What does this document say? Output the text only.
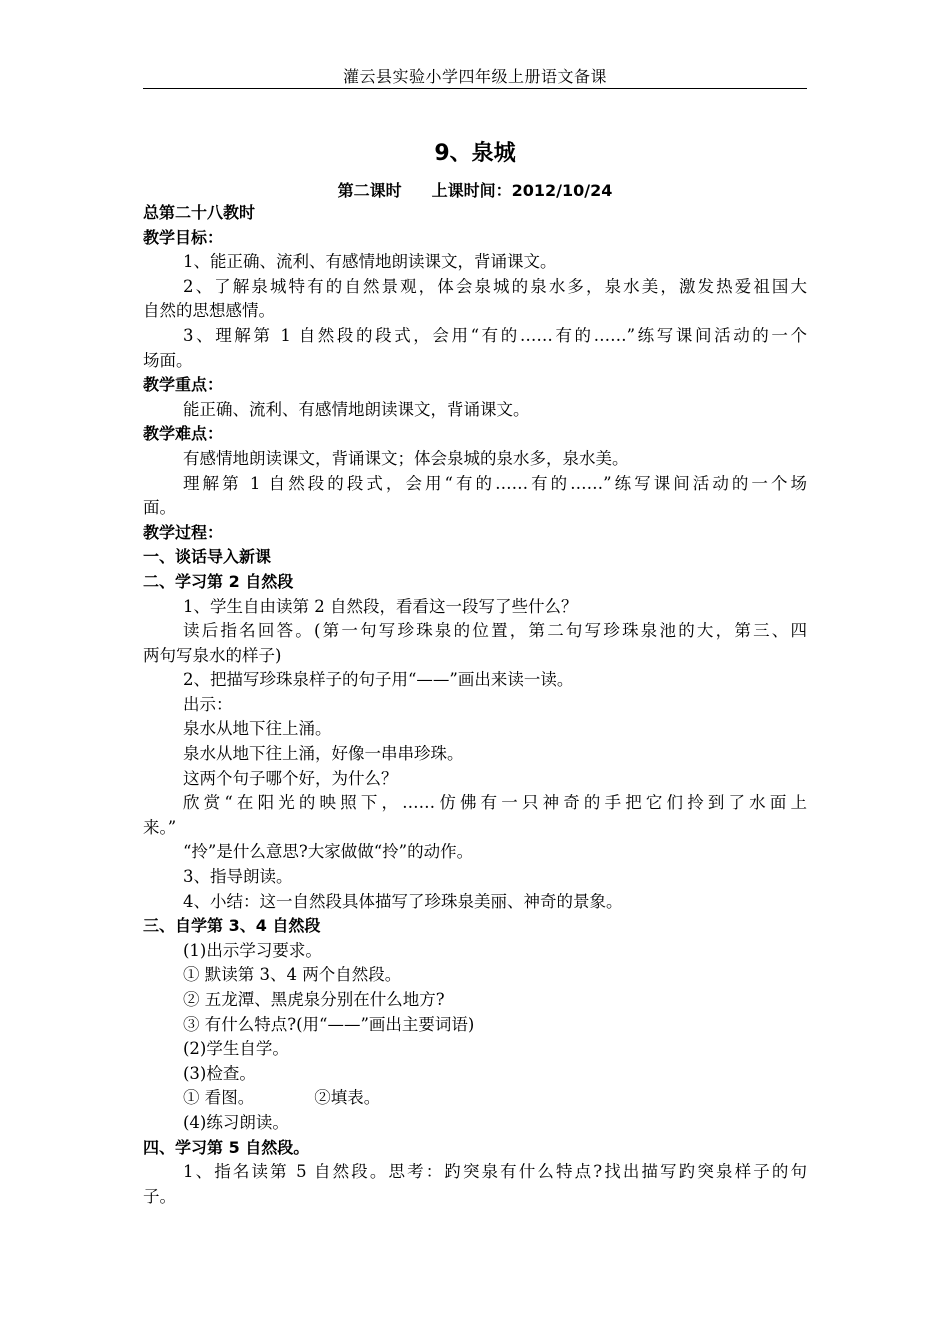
灌云县实验小学四年级上册语文备课
9、泉城
第二课时 上课时间：2012/10/24
总第二十八教时
教学目标：
1、能正确、流利、有感情地朗读课文，背诵课文。
2、了解泉城特有的自然景观，体会泉城的泉水多，泉水美，激发热爱祖国大
自然的思想感情。
3、理解第 1 自然段的段式，会用“有的……有的……”练写课间活动的一个
场面。
教学重点：
能正确、流利、有感情地朗读课文，背诵课文。
教学难点：
有感情地朗读课文，背诵课文；体会泉城的泉水多，泉水美。
理解第 1 自然段的段式，会用“有的……有的……”练写课间活动的一个场
面。
教学过程：
一、谈话导入新课
二、学习第 2 自然段
1、学生自由读第 2 自然段，看看这一段写了些什么？
读后指名回答。(第一句写珍珠泉的位置，第二句写珍珠泉池的大，第三、四
两句写泉水的样子)
2、把描写珍珠泉样子的句子用“——”画出来读一读。
出示：
泉水从地下往上涌。
泉水从地下往上涌，好像一串串珍珠。
这两个句子哪个好，为什么？
欣赏“在阳光的映照下，……仿佛有一只神奇的手把它们拎到了水面上
来。”
“拎”是什么意思?大家做做“拎”的动作。
3、指导朗读。
4、小结：这一自然段具体描写了珍珠泉美丽、神奇的景象。
三、自学第 3、4 自然段
(1)出示学习要求。
① 默读第 3、4 两个自然段。
② 五龙潭、黑虎泉分别在什么地方?
③ 有什么特点?(用“——”画出主要词语)
(2)学生自学。
(3)检查。
① 看图。	②填表。
(4)练习朗读。
四、学习第 5 自然段。
1、指名读第 5 自然段。思考：趵突泉有什么特点?找出描写趵突泉样子的句
子。
